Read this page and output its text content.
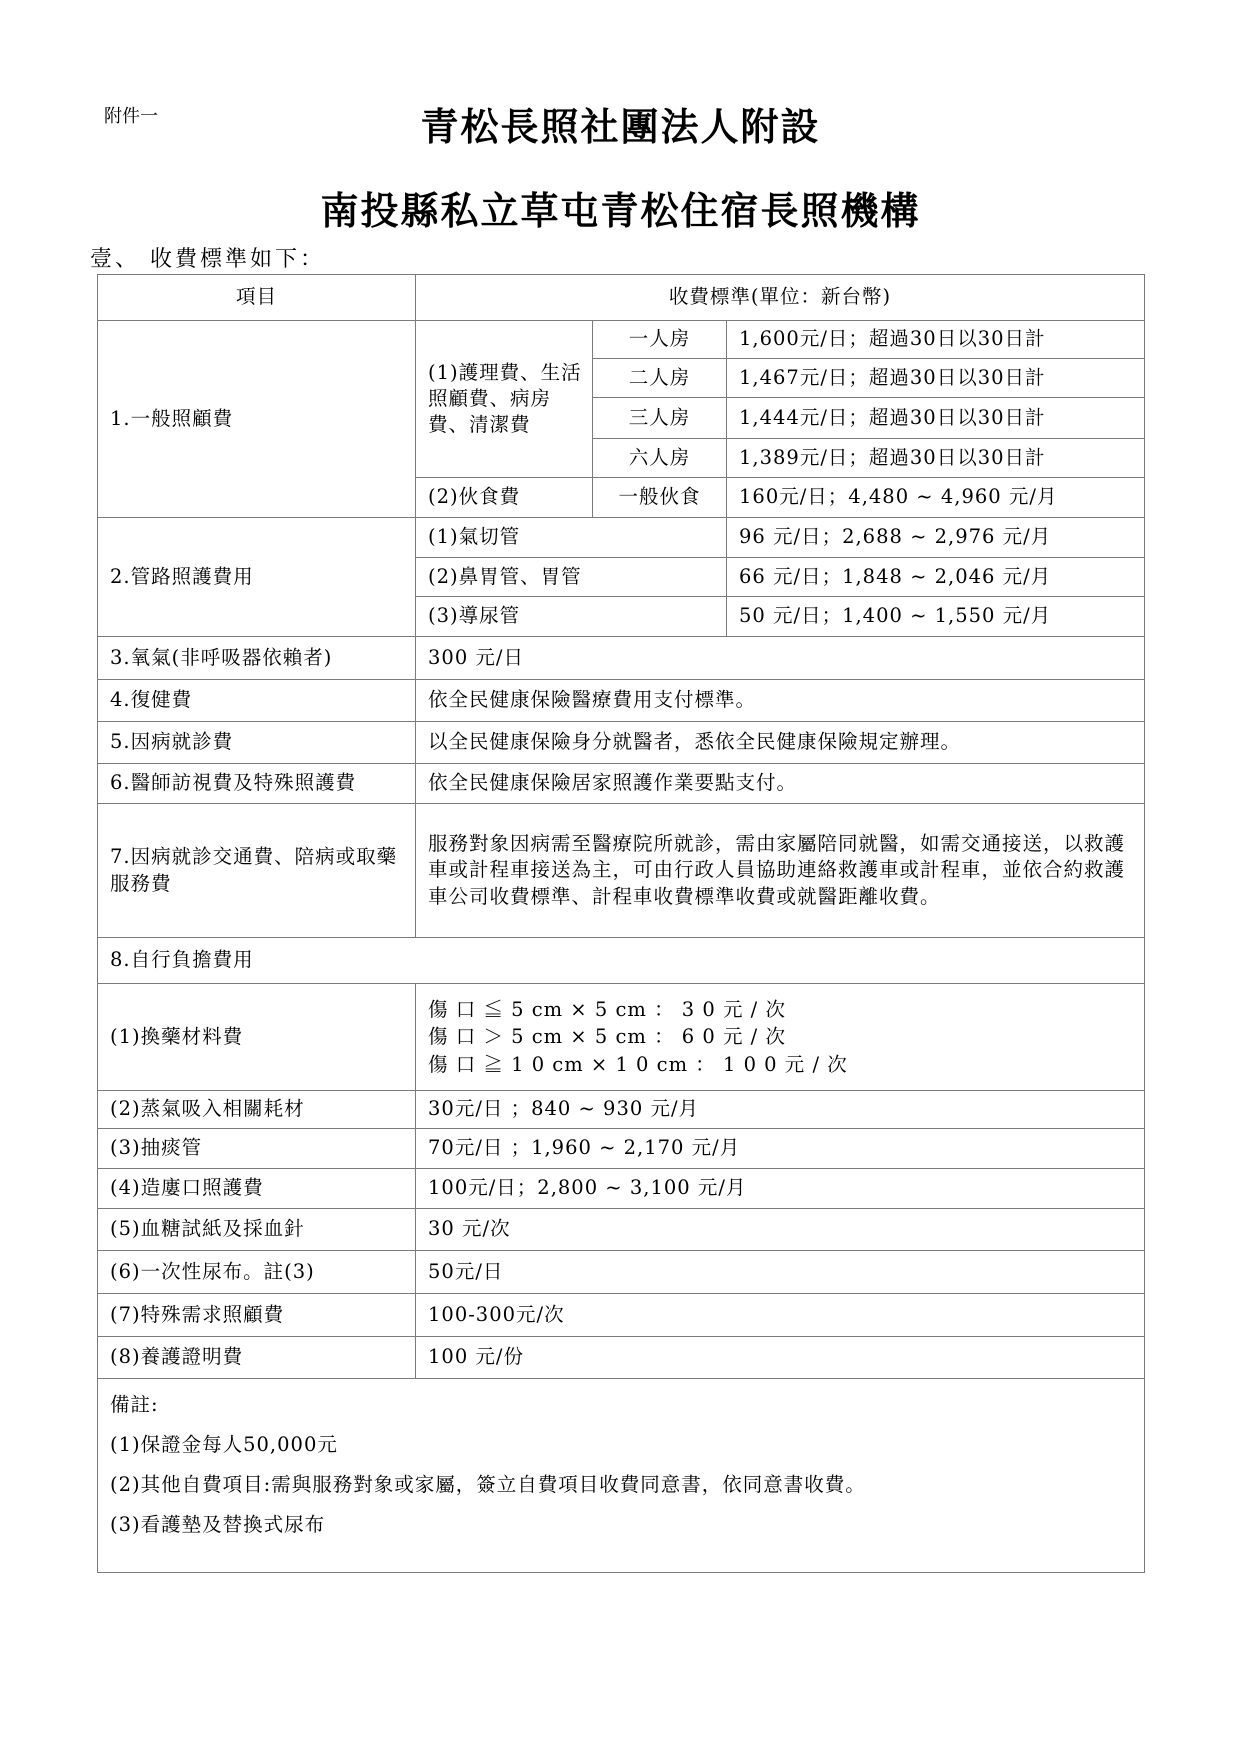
附件一	青松長照社團法人附設
南投縣私立草屯青松住宿長照機構
壹、 收費標準如下：
項目	收費標準(單位：新台幣)		
1.一般照顧費	(1)護理費、生活照顧費、病房費、清潔費	一人房	1,600元/日；超過30日以30日計
		二人房	1,467元/日；超過30日以30日計
		三人房	1,444元/日；超過30日以30日計
		六人房	1,389元/日；超過30日以30日計
	(2)伙食費	一般伙食	160元/日；4,480 ~ 4,960 元/月
2.管路照護費用	(1)氣切管		96 元/日；2,688 ~ 2,976 元/月
	(2)鼻胃管、胃管		66 元/日；1,848 ~ 2,046 元/月
	(3)導尿管		50 元/日；1,400 ~ 1,550 元/月
3.氧氣(非呼吸器依賴者)	300 元/日		
4.復健費	依全民健康保險醫療費用支付標準。		
5.因病就診費	以全民健康保險身分就醫者，悉依全民健康保險規定辦理。		
6.醫師訪視費及特殊照護費	依全民健康保險居家照護作業要點支付。		
7.因病就診交通費、陪病或取藥服務費	服務對象因病需至醫療院所就診，需由家屬陪同就醫，如需交通接送，以救護車或計程車接送為主，可由行政人員協助連絡救護車或計程車，並依合約救護車公司收費標準、計程車收費標準收費或就醫距離收費。		
8.自行負擔費用			
(1)換藥材料費	傷 口 ≦ 5 cm × 5 cm ： 3 0 元 / 次
傷 口 ＞ 5 cm × 5 cm ： 6 0 元 / 次
傷 口 ≧ 1 0 cm × 1 0 cm ： 1 0 0 元 / 次		

(2)蒸氣吸入相關耗材	30元/日 ；840 ~ 930 元/月		
(3)抽痰管	70元/日 ；1,960 ~ 2,170 元/月		
(4)造廔口照護費	100元/日；2,800 ~ 3,100 元/月		
(5)血糖試紙及採血針	30 元/次		
(6)一次性尿布。註(3)	50元/日		
(7)特殊需求照顧費	100-300元/次		
(8)養護證明費	100 元/份		

備註:

(1)保證金每人50,000元

(2)其他自費項目:需與服務對象或家屬，簽立自費項目收費同意書，依同意書收費。

(3)看護墊及替換式尿布			
